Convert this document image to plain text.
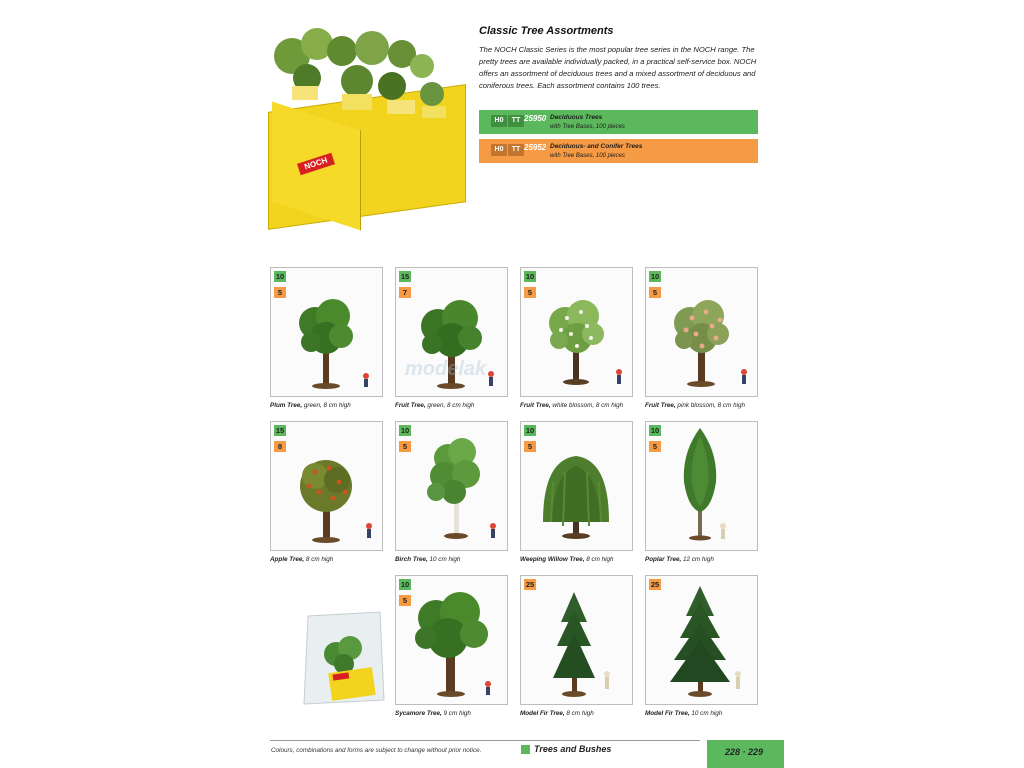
NOCH
Classic Tree Assortments
The NOCH Classic Series is the most popular tree series in the NOCH range. The pretty trees are available individually packed, in a practical self-service box. NOCH offers an assortment of deciduous trees and a mixed assortment of deciduous and coniferous trees. Each assortment contains 100 trees.
H0	TT 25950 Deciduous Trees
with Tree Bases, 100 pieces
H0	TT 25952 Deciduous- and Conifer Trees
with Tree Bases, 100 pieces
10
5
Plum Tree, green, 8 cm high
15
7
Fruit Tree, green, 8 cm high
10
5
Fruit Tree, white blossom, 8 cm high
10
5
Fruit Tree, pink blossom, 8 cm high
15
8
Apple Tree, 8 cm high
10
5
Birch Tree, 10 cm high
10
5
Weeping Willow Tree, 8 cm high
10
5
Poplar Tree, 12 cm high
10
5
Sycamore Tree, 9 cm high
25
Model Fir Tree, 8 cm high
25
Model Fir Tree, 10 cm high
modelak
Colours, combinations and forms are subject to change without prior notice.	Trees and Bushes	228 · 229
